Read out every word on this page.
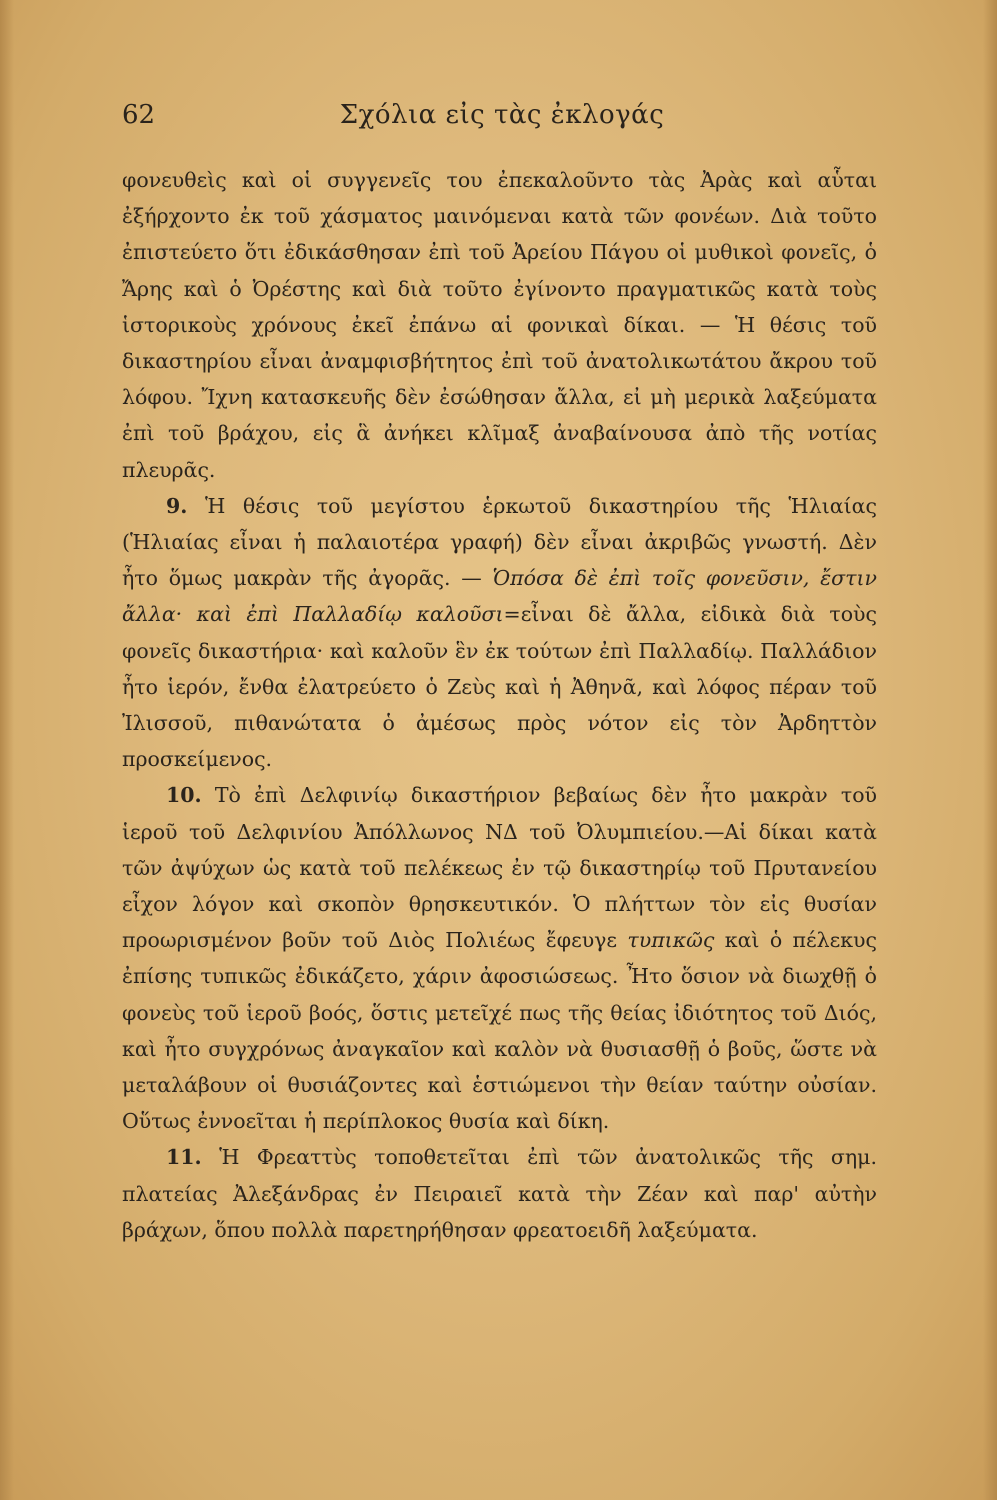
62	Σχόλια εἰς τὰς ἐκλογάς

φονευθεὶς καὶ οἱ συγγενεῖς του ἐπεκαλοῦντο τὰς Ἀρὰς καὶ αὗται ἐξήρχοντο ἐκ τοῦ χάσματος μαινόμεναι κατὰ τῶν φονέων. Διὰ τοῦτο ἐπιστεύετο ὅτι ἐδικάσθησαν ἐπὶ τοῦ Ἀρείου Πάγου οἱ μυθικοὶ φονεῖς, ὁ Ἄρης καὶ ὁ Ὀρέστης καὶ διὰ τοῦτο ἐγίνοντο πραγματικῶς κατὰ τοὺς ἱστορικοὺς χρόνους ἐκεῖ ἐπάνω αἱ φονικαὶ δίκαι. — Ἡ θέσις τοῦ δικαστηρίου εἶναι ἀναμφισβήτητος ἐπὶ τοῦ ἀνατολικωτάτου ἄκρου τοῦ λόφου. Ἴχνη κατασκευῆς δὲν ἐσώθησαν ἄλλα, εἰ μὴ μερικὰ λαξεύματα ἐπὶ τοῦ βράχου, εἰς ἃ ἀνήκει κλῖμαξ ἀναβαίνουσα ἀπὸ τῆς νοτίας πλευρᾶς.

9. Ἡ θέσις τοῦ μεγίστου ἑρκωτοῦ δικαστηρίου τῆς Ἡλιαίας (Ἡλιαίας εἶναι ἡ παλαιοτέρα γραφή) δὲν εἶναι ἀκριβῶς γνωστή. Δὲν ἦτο ὅμως μακρὰν τῆς ἀγορᾶς. — Ὁπόσα δὲ ἐπὶ τοῖς φονεῦσιν, ἔστιν ἄλλα· καὶ ἐπὶ Παλλαδίῳ καλοῦσι=εἶναι δὲ ἄλλα, εἰδικὰ διὰ τοὺς φονεῖς δικαστήρια· καὶ καλοῦν ἓν ἐκ τούτων ἐπὶ Παλλαδίῳ. Παλλάδιον ἦτο ἱερόν, ἔνθα ἐλατρεύετο ὁ Ζεὺς καὶ ἡ Ἀθηνᾶ, καὶ λόφος πέραν τοῦ Ἰλισσοῦ, πιθανώτατα ὁ ἀμέσως πρὸς νότον εἰς τὸν Ἀρδηττὸν προσκείμενος.

10. Τὸ ἐπὶ Δελφινίῳ δικαστήριον βεβαίως δὲν ἦτο μακρὰν τοῦ ἱεροῦ τοῦ Δελφινίου Ἀπόλλωνος ΝΔ τοῦ Ὀλυμπιείου.—Αἱ δίκαι κατὰ τῶν ἀψύχων ὡς κατὰ τοῦ πελέκεως ἐν τῷ δικαστηρίῳ τοῦ Πρυτανείου εἶχον λόγον καὶ σκοπὸν θρησκευτικόν. Ὁ πλήττων τὸν εἰς θυσίαν προωρισμένον βοῦν τοῦ Διὸς Πολιέως ἔφευγε τυπικῶς καὶ ὁ πέλεκυς ἐπίσης τυπικῶς ἐδικάζετο, χάριν ἀφοσιώσεως. Ἦτο ὅσιον νὰ διωχθῇ ὁ φονεὺς τοῦ ἱεροῦ βοός, ὅστις μετεῖχέ πως τῆς θείας ἰδιότητος τοῦ Διός, καὶ ἦτο συγχρόνως ἀναγκαῖον καὶ καλὸν νὰ θυσιασθῇ ὁ βοῦς, ὥστε νὰ μεταλάβουν οἱ θυσιάζοντες καὶ ἑστιώμενοι τὴν θείαν ταύτην οὐσίαν. Οὕτως ἐννοεῖται ἡ περίπλοκος θυσία καὶ δίκη.

11. Ἡ Φρεαττὺς τοποθετεῖται ἐπὶ τῶν ἀνατολικῶς τῆς σημ. πλατείας Ἀλεξάνδρας ἐν Πειραιεῖ κατὰ τὴν Ζέαν καὶ παρ' αὐτὴν βράχων, ὅπου πολλὰ παρετηρήθησαν φρεατοειδῆ λαξεύματα.
